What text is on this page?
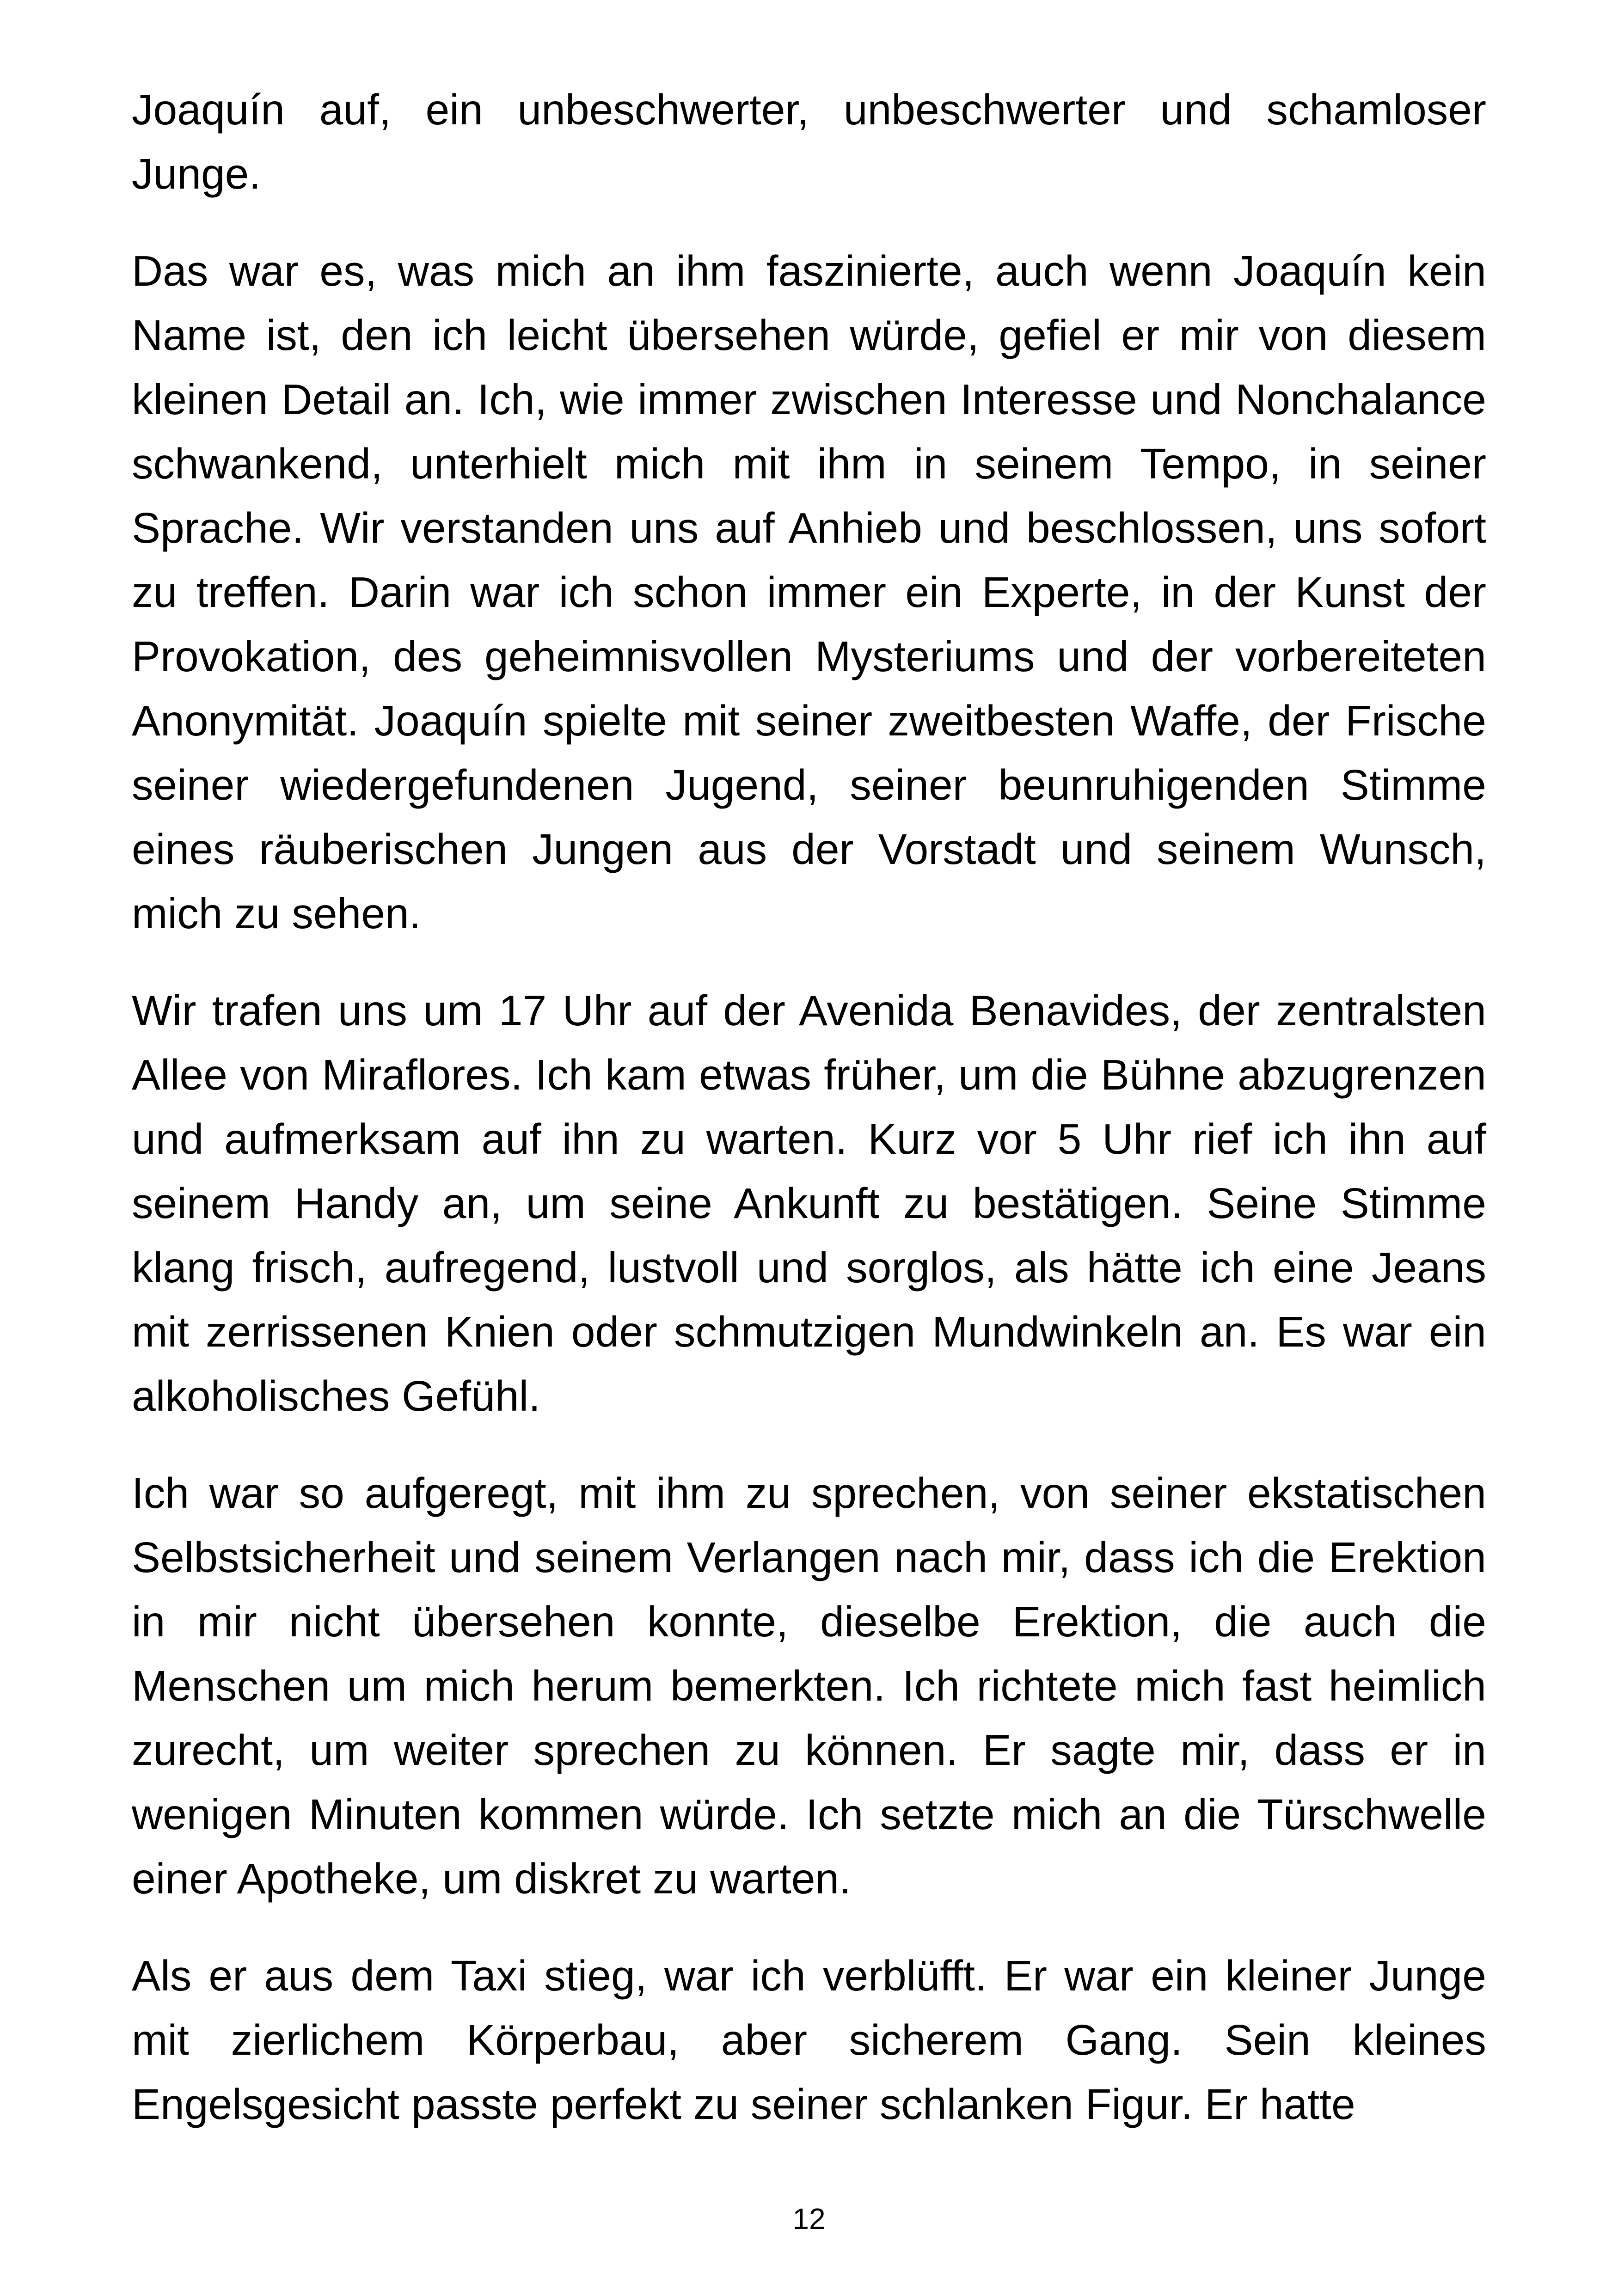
Joaquín auf, ein unbeschwerter, unbeschwerter und schamloser Junge.

Das war es, was mich an ihm faszinierte, auch wenn Joaquín kein Name ist, den ich leicht übersehen würde, gefiel er mir von diesem kleinen Detail an. Ich, wie immer zwischen Interesse und Nonchalance schwankend, unterhielt mich mit ihm in seinem Tempo, in seiner Sprache. Wir verstanden uns auf Anhieb und beschlossen, uns sofort zu treffen. Darin war ich schon immer ein Experte, in der Kunst der Provokation, des geheimnisvollen Mysteriums und der vorbereiteten Anonymität. Joaquín spielte mit seiner zweitbesten Waffe, der Frische seiner wiedergefundenen Jugend, seiner beunruhigenden Stimme eines räuberischen Jungen aus der Vorstadt und seinem Wunsch, mich zu sehen.

Wir trafen uns um 17 Uhr auf der Avenida Benavides, der zentralsten Allee von Miraflores. Ich kam etwas früher, um die Bühne abzugrenzen und aufmerksam auf ihn zu warten. Kurz vor 5 Uhr rief ich ihn auf seinem Handy an, um seine Ankunft zu bestätigen. Seine Stimme klang frisch, aufregend, lustvoll und sorglos, als hätte ich eine Jeans mit zerrissenen Knien oder schmutzigen Mundwinkeln an. Es war ein alkoholisches Gefühl.

Ich war so aufgeregt, mit ihm zu sprechen, von seiner ekstatischen Selbstsicherheit und seinem Verlangen nach mir, dass ich die Erektion in mir nicht übersehen konnte, dieselbe Erektion, die auch die Menschen um mich herum bemerkten. Ich richtete mich fast heimlich zurecht, um weiter sprechen zu können. Er sagte mir, dass er in wenigen Minuten kommen würde. Ich setzte mich an die Türschwelle einer Apotheke, um diskret zu warten.

Als er aus dem Taxi stieg, war ich verblüfft. Er war ein kleiner Junge mit zierlichem Körperbau, aber sicherem Gang. Sein kleines Engelsgesicht passte perfekt zu seiner schlanken Figur. Er hatte

12
